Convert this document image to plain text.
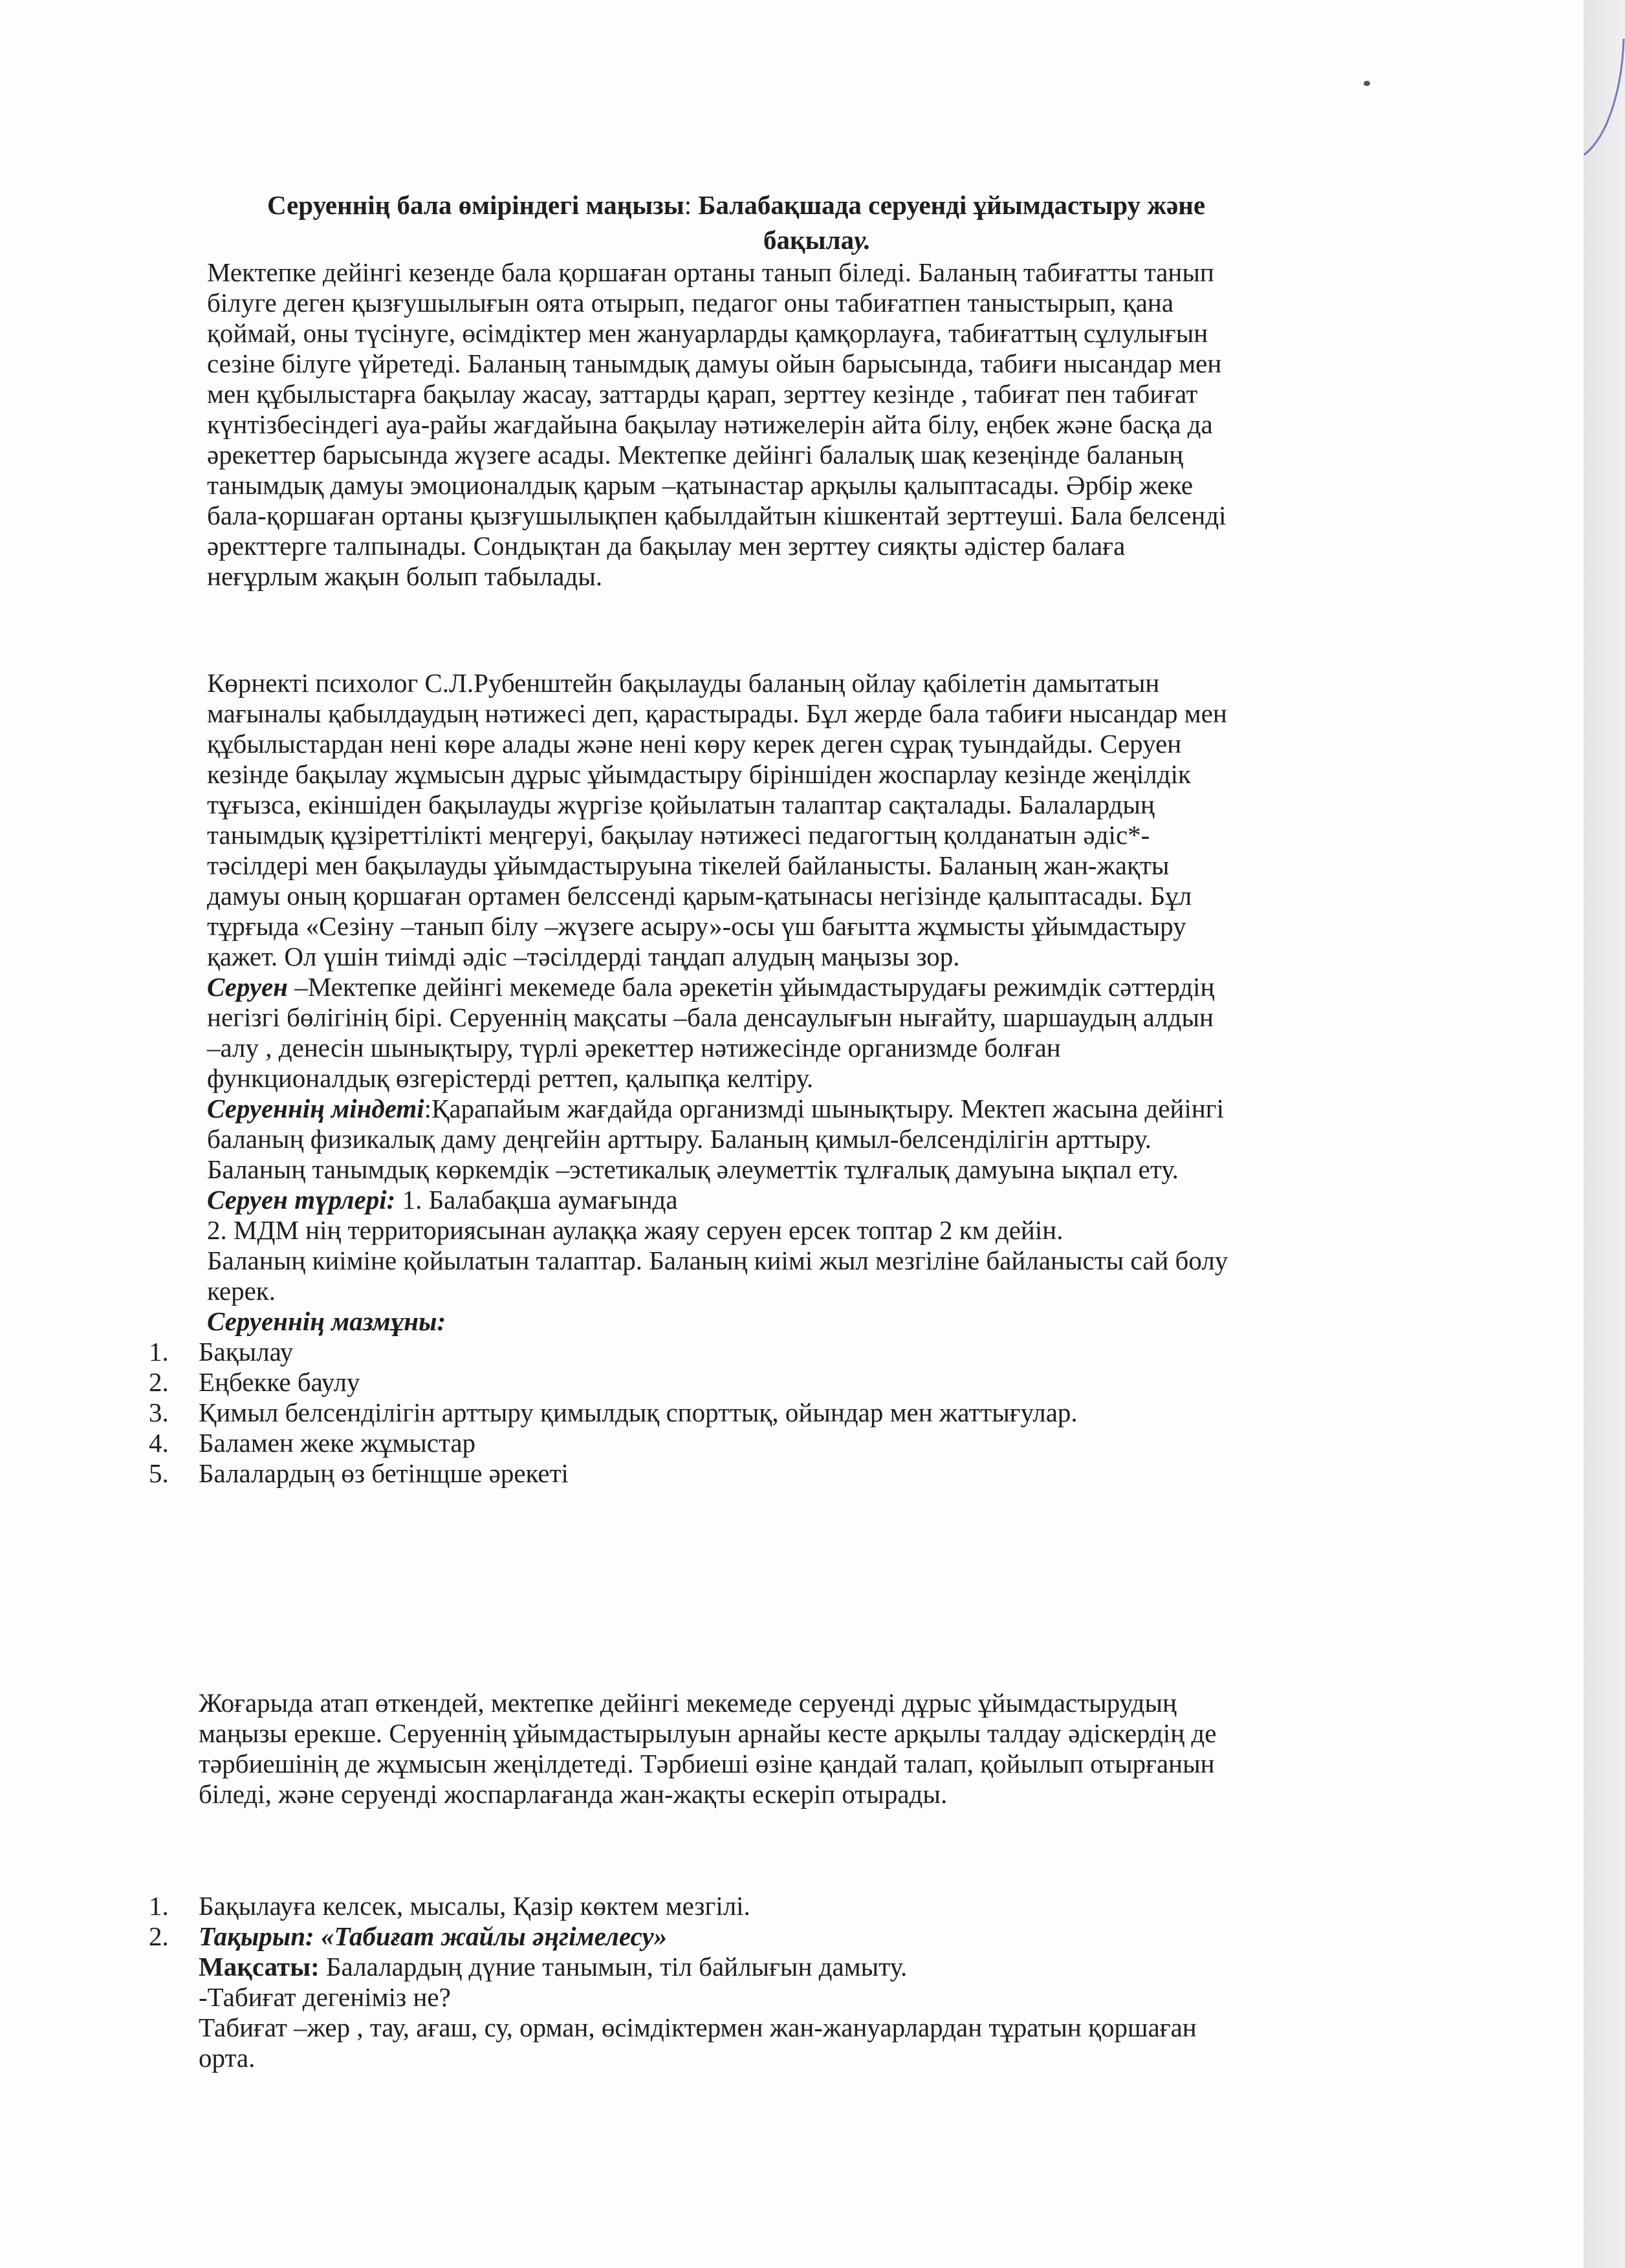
Серуеннің бала өміріндегі маңызы: Балабақшада серуенді ұйымдастыру және
бақылау.
Мектепке дейінгі кезенде бала қоршаған ортаны танып біледі. Баланың табиғатты танып
білуге деген қызғушылығын оята отырып, педагог оны табиғатпен таныстырып, қана
қоймай, оны түсінуге, өсімдіктер мен жануарларды қамқорлауға, табиғаттың сұлулығын
сезіне білуге үйретеді. Баланың танымдық дамуы ойын барысында, табиғи нысандар мен
мен құбылыстарға бақылау жасау, заттарды қарап, зерттеу кезінде , табиғат пен табиғат
күнтізбесіндегі ауа-райы жағдайына бақылау нәтижелерін айта білу, еңбек және басқа да
әрекеттер барысында жүзеге асады. Мектепке дейінгі балалық шақ кезеңінде баланың
танымдық дамуы эмоционалдық қарым –қатынастар арқылы қалыптасады. Әрбір жеке
бала-қоршаған ортаны қызғушылықпен қабылдайтын кішкентай зерттеуші. Бала белсенді
әректтерге талпынады. Сондықтан да бақылау мен зерттеу сияқты әдістер балаға
неғұрлым жақын болып табылады.
Көрнекті психолог С.Л.Рубенштейн бақылауды баланың ойлау қабілетін дамытатын
мағыналы қабылдаудың нәтижесі деп, қарастырады. Бұл жерде бала табиғи нысандар мен
құбылыстардан нені көре алады және нені көру керек деген сұрақ туындайды. Серуен
кезінде бақылау жұмысын дұрыс ұйымдастыру біріншіден жоспарлау кезінде жеңілдік
тұғызса, екіншіден бақылауды жүргізе қойылатын талаптар сақталады. Балалардың
танымдық құзіреттілікті меңгеруі, бақылау нәтижесі педагогтың қолданатын әдіс*-
тәсілдері мен бақылауды ұйымдастыруына тікелей байланысты. Баланың жан-жақты
дамуы оның қоршаған ортамен белссенді қарым-қатынасы негізінде қалыптасады. Бұл
тұрғыда «Сезіну –танып білу –жүзеге асыру»-осы үш бағытта жұмысты ұйымдастыру
қажет. Ол үшін тиімді әдіс –тәсілдерді таңдап алудың маңызы зор.
Серуен –Мектепке дейінгі мекемеде бала әрекетін ұйымдастырудағы режимдік сәттердің
негізгі бөлігінің бірі. Серуеннің мақсаты –бала денсаулығын нығайту, шаршаудың алдын
–алу , денесін шынықтыру, түрлі әрекеттер нәтижесінде организмде болған
функционалдық өзгерістерді реттеп, қалыпқа келтіру.
Серуеннің міндеті:Қарапайым жағдайда организмді шынықтыру. Мектеп жасына дейінгі
баланың физикалық даму деңгейін арттыру. Баланың қимыл-белсенділігін арттыру.
Баланың танымдық көркемдік –эстетикалық әлеуметтік тұлғалық дамуына ықпал ету.
Серуен түрлері: 1. Балабақша аумағында
2. МДМ нің территориясынан аулаққа жаяу серуен ерсек топтар 2 км дейін.
Баланың киіміне қойылатын талаптар. Баланың киімі жыл мезгіліне байланысты сай болу
керек.
Серуеннің мазмұны:
1. Бақылау
2. Еңбекке баулу
3. Қимыл белсенділігін арттыру қимылдық спорттық, ойындар мен жаттығулар.
4. Баламен жеке жұмыстар
5. Балалардың өз бетінщше әрекеті
Жоғарыда атап өткендей, мектепке дейінгі мекемеде серуенді дұрыс ұйымдастырудың
маңызы ерекше. Серуеннің ұйымдастырылуын арнайы кесте арқылы талдау әдіскердің де
тәрбиешінің де жұмысын жеңілдетеді. Тәрбиеші өзіне қандай талап, қойылып отырғанын
біледі, және серуенді жоспарлағанда жан-жақты ескеріп отырады.
1. Бақылауға келсек, мысалы, Қазір көктем мезгілі.
2. Тақырып: «Табиғат жайлы әңгімелесу»
Мақсаты: Балалардың дүние танымын, тіл байлығын дамыту.
-Табиғат дегеніміз не?
Табиғат –жер , тау, ағаш, су, орман, өсімдіктермен жан-жануарлардан тұратын қоршаған
орта.
